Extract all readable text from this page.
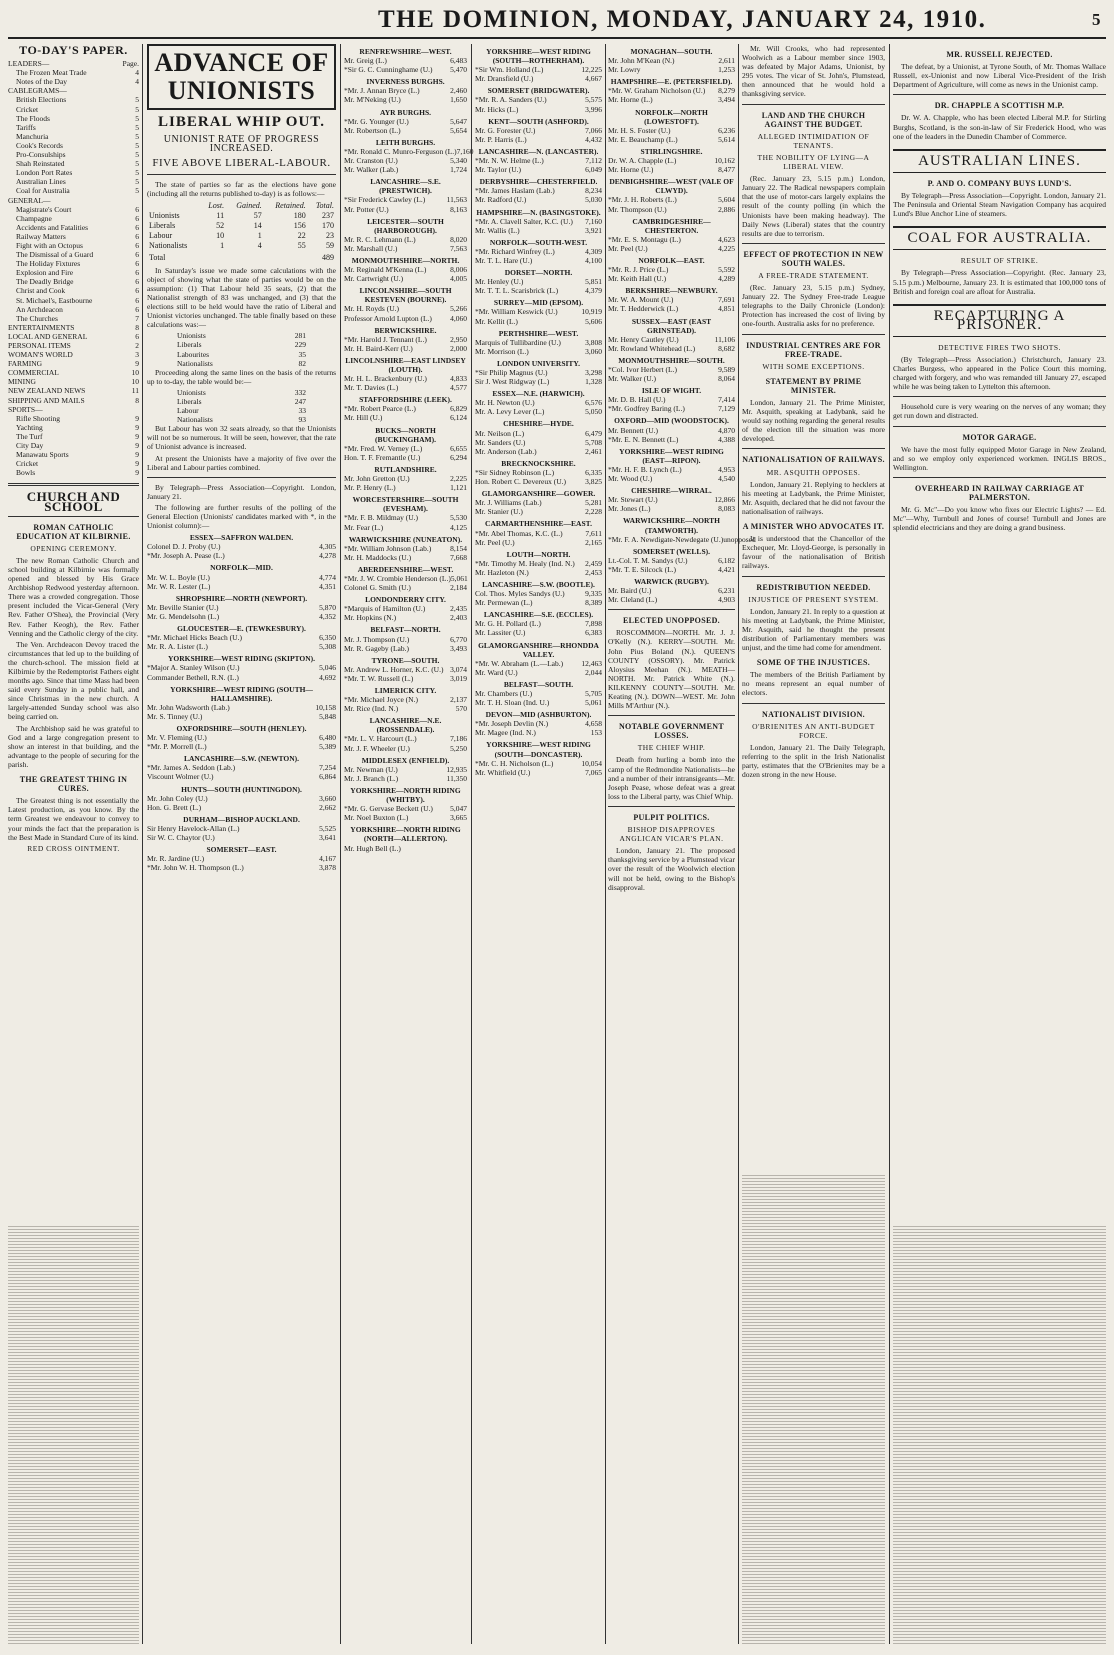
THE DOMINION, MONDAY, JANUARY 24, 1910.	5
TO-DAY'S PAPER.
LEADERS—	Page.
The Frozen Meat Trade	4
Notes of the Day	4
CABLEGRAMS—
British Elections	5
Cricket	5
The Floods	5
Tariffs	5
Manchuria	5
Cook's Records	5
Pro-Consulships	5
Shah Reinstated	5
London Port Rates	5
Australian Lines	5
Coal for Australia	5
GENERAL—
Magistrate's Court	6
Champagne	6
Accidents and Fatalities	6
Railway Matters	6
Fight with an Octopus	6
The Dismissal of a Guard	6
The Holiday Fixtures	6
Explosion and Fire	6
The Deadly Bridge	6
Christ and Cook	6
St. Michael's, Eastbourne	6
An Archdeacon	6
The Churches	7
ENTERTAINMENTS	8
LOCAL AND GENERAL	6
PERSONAL ITEMS	2
WOMAN'S WORLD	3
FARMING	9
COMMERCIAL	10
MINING	10
NEW ZEALAND NEWS	11
SHIPPING AND MAILS	8
SPORTS—
Rifle Shooting	9
Yachting	9
The Turf	9
City Day	9
Manawatu Sports	9
Cricket	9
Bowls	9
CHURCH AND SCHOOL
ROMAN CATHOLIC EDUCATION AT KILBIRNIE.
OPENING CEREMONY.

The new Roman Catholic Church and school building at Kilbirnie was formally opened and blessed by His Grace Archbishop Redwood yesterday afternoon. There was a crowded congregation. Those present included the Vicar-General (Very Rev. Father O'Shea), the Provincial (Very Rev. Father Keogh), the Rev. Father Venning and the Catholic clergy of the city.

The Ven. Archdeacon Devoy traced the circumstances that led up to the building of the church-school. The mission field at Kilbirnie by the Redemptorist Fathers eight months ago. Since that time Mass had been said every Sunday in a public hall, and since Christmas in the new church. A largely-attended Sunday school was also being carried on.

The Archbishop said he was grateful to God and a large congregation present to show an interest in that building, and the advantage to the people of securing for the parish.

THE GREATEST THING IN CURES.

The Greatest thing is not essentially the Latest production, as you know. By the term Greatest we endeavour to convey to your minds the fact that the preparation is the Best Made in Standard Cure of its kind.

RED CROSS OINTMENT.
ADVANCE OF UNIONISTS
LIBERAL WHIP OUT.
UNIONIST RATE OF PROGRESS INCREASED.
FIVE ABOVE LIBERAL-LABOUR.

The state of parties so far as the elections have gone (including all the returns published to-day) is as follows:—

	Lost.	Gained.	Retained.	Total.
Unionists	11	57	180	237
Liberals	52	14	156	170
Labour	10	1	22	23
Nationalists	1	4	55	59
Total	489

In Saturday's issue we made some calculations with the object of showing what the state of parties would be on the assumption: (1) That Labour held 35 seats, (2) that the Nationalist strength of 83 was unchanged, and (3) that the elections still to be held would have the ratio of Liberal and Unionist victories unchanged. The table finally based on these calculations was:—

Unionists	281
Liberals	229
Labourites	35
Nationalists	82

Proceeding along the same lines on the basis of the returns up to to-day, the table would be:—

Unionists	332
Liberals	247
Labour	33
Nationalists	93

But Labour has won 32 seats already, so that the Unionists will not be so numerous. It will be seen, however, that the rate of Unionist advance is increased.

At present the Unionists have a majority of five over the Liberal and Labour parties combined.

By Telegraph—Press Association—Copyright. London, January 21.

The following are further results of the polling of the General Election (Unionists' candidates marked with *, in the Unionist column):—

ESSEX—SAFFRON WALDEN.
Colonel D. J. Proby (U.)	4,305
*Mr. Joseph A. Pease (L.)	4,278
NORFOLK—MID.
Mr. W. L. Boyle (U.)	4,774
Mr. W. R. Lester (L.)	4,351
SHROPSHIRE—NORTH (NEWPORT).
Mr. Beville Stanier (U.)	5,870
Mr. G. Mendelsohn (L.)	4,352
GLOUCESTER—E. (TEWKESBURY).
*Mr. Michael Hicks Beach (U.)	6,350
Mr. R. A. Lister (L.)	5,308
YORKSHIRE—WEST RIDING (SKIPTON).
*Major A. Stanley Wilson (U.)	5,046
Commander Bethell, R.N. (L.)	4,692
YORKSHIRE—WEST RIDING (SOUTH—HALLAMSHIRE).
Mr. John Wadsworth (Lab.)	10,158
Mr. S. Tinney (U.)	5,848
OXFORDSHIRE—SOUTH (HENLEY).
Mr. V. Fleming (U.)	6,480
*Mr. P. Morrell (L.)	5,389
LANCASHIRE—S.W. (NEWTON).
*Mr. James A. Seddon (Lab.)	7,254
Viscount Wolmer (U.)	6,864
HUNTS—SOUTH (HUNTINGDON).
Mr. John Coley (U.)	3,660
Hon. G. Brett (L.)	2,662
DURHAM—BISHOP AUCKLAND.
Sir Henry Havelock-Allan (L.)	5,525
Sir W. C. Chaytor (U.)	3,641
SOMERSET—EAST.
Mr. R. Jardine (U.)	4,167
*Mr. John W. H. Thompson (L.)	3,878
RENFREWSHIRE—WEST.
Mr. Greig (L.)	6,483
*Sir G. C. Cunninghame (U.) 5,470
INVERNESS BURGHS.
*Mr. J. Annan Bryce (L.)	2,460
Mr. M'Neking (U.)	1,650
AYR BURGHS.
*Mr. G. Younger (U.)	5,647
Mr. Robertson (L.)	5,654
LEITH BURGHS.
*Mr. Ronald C. Munro-Ferguson (L.) 7,160
Mr. Cranston (U.)	5,340
Mr. Walker (Lab.)	1,724
LANCASHIRE—S.E. (PRESTWICH).
*Sir Frederick Cawley (L.)	11,563
Mr. Potter (U.)	8,163
LEICESTER—SOUTH (HARBOROUGH).
Mr. R. C. Lehmann (L.)	8,020
Mr. Marshall (U.)	7,563
MONMOUTHSHIRE—NORTH.
Mr. Reginald M'Kenna (L.)	8,006
Mr. Cartwright (U.)	4,005
LINCOLNSHIRE—SOUTH KESTEVEN (BOURNE).
Mr. H. Royds (U.)	5,266
Professor Arnold Lupton (L.) 4,060
BERWICKSHIRE.
*Mr. Harold J. Tennant (L.)	2,950
Mr. H. Baird-Kerr (U.)	2,000
LINCOLNSHIRE—EAST LINDSEY (LOUTH).
Mr. H. L. Brackenbury (U.)	4,833
Mr. T. Davies (L.)	4,577
STAFFORDSHIRE (LEEK).
*Mr. Robert Pearce (L.)	6,829
Mr. Hill (U.)	6,124
BUCKS—NORTH (BUCKINGHAM).
*Mr. Fred. W. Verney (L.)	6,655
Hon. T. F. Fremantle (U.)	6,294
RUTLANDSHIRE.
Mr. John Gretton (U.)	2,225
Mr. P. Henry (L.)	1,121
WORCESTERSHIRE—SOUTH (EVESHAM).
*Mr. F. B. Mildmay (U.)	5,530
Mr. Fear (L.)	4,125
WARWICKSHIRE (NUNEATON).
*Mr. William Johnson (Lab.)	8,154
Mr. H. Maddocks (U.)	7,668
ABERDEENSHIRE—WEST.
*Mr. J. W. Crombie Henderson (L.) 5,061
Colonel G. Smith (U.)	2,184
LONDONDERRY CITY.
*Marquis of Hamilton (U.)	2,435
Mr. Hopkins (N.)	2,403
BELFAST—NORTH.
Mr. J. Thompson (U.)	6,770
Mr. R. Gageby (Lab.)	3,493
TYRONE—SOUTH.
Mr. Andrew L. Horner, K.C. (U.) 3,074
*Mr. T. W. Russell (L.)	3,019
LIMERICK CITY.
*Mr. Michael Joyce (N.)	2,137
Mr. Rice (Ind. N.)	570
LANCASHIRE—N.E. (ROSSENDALE).
*Mr. L. V. Harcourt (L.)	7,186
Mr. J. F. Wheeler (U.)	5,250
MIDDLESEX (ENFIELD).
Mr. Newman (U.)	12,935
Mr. J. Branch (L.)	11,350
YORKSHIRE—NORTH RIDING (WHITBY).
*Mr. G. Gervase Beckett (U.) 5,047
Mr. Noel Buxton (L.)	3,665
YORKSHIRE—NORTH RIDING (NORTH—ALLERTON).
Mr. Hugh Bell (L.)
YORKSHIRE—WEST RIDING (SOUTH—ROTHERHAM).
*Sir Wm. Holland (L.)	12,225
Mr. Dransfield (U.)	4,667
SOMERSET (BRIDGWATER).
*Mr. R. A. Sanders (U.)	5,575
Mr. Hicks (L.)	3,996
KENT—SOUTH (ASHFORD).
Mr. G. Forester (U.)	7,066
Mr. P. Harris (L.)	4,432
LANCASHIRE—N. (LANCASTER).
*Mr. N. W. Helme (L.)	7,112
Mr. Taylor (U.)	6,049
DERBYSHIRE—CHESTERFIELD.
*Mr. James Haslam (Lab.)	8,234
Mr. Radford (U.)	5,030
HAMPSHIRE—N. (BASINGSTOKE).
*Mr. A. Clavell Salter, K.C. (U.) 7,160
Mr. Wallis (L.)	3,921
NORFOLK—SOUTH-WEST.
*Mr. Richard Winfrey (L.)	4,309
Mr. T. L. Hare (U.)	4,100
DORSET—NORTH.
Mr. Henley (U.)	5,851
Mr. T. T. L. Scarisbrick (L.)	4,379
SURREY—MID (EPSOM).
*Mr. William Keswick (U.)	10,919
Mr. Kellit (L.)	5,606
PERTHSHIRE—WEST.
Marquis of Tullibardine (U.)	3,808
Mr. Morrison (L.)	3,060
LONDON UNIVERSITY.
*Sir Philip Magnus (U.)	3,298
Sir J. West Ridgway (L.)	1,328
ESSEX—N.E. (HARWICH).
Mr. H. Newton (U.)	6,576
Mr. A. Levy Lever (L.)	5,050
CHESHIRE—HYDE.
Mr. Neilson (L.)	6,479
Mr. Sanders (U.)	5,708
Mr. Anderson (Lab.)	2,461
BRECKNOCKSHIRE.
*Sir Sidney Robinson (L.)	6,335
Hon. Robert C. Devereux (U.)	3,825
GLAMORGANSHIRE—GOWER.
Mr. J. Williams (Lab.)	5,281
Mr. Stanier (U.)	2,228
CARMARTHENSHIRE—EAST.
*Mr. Abel Thomas, K.C. (L.)	7,611
Mr. Peel (U.)	2,165
LOUTH—NORTH.
*Mr. Timothy M. Healy (Ind. N.) 2,459
Mr. Hazleton (N.)	2,453
LANCASHIRE—S.W. (BOOTLE).
Col. Thos. Myles Sandys (U.)	9,335
Mr. Permewan (L.)	8,389
LANCASHIRE—S.E. (ECCLES).
Mr. G. H. Pollard (L.)	7,898
Mr. Lassiter (U.)	6,383
GLAMORGANSHIRE—RHONDDA VALLEY.
*Mr. W. Abraham (L.—Lab.) 12,463
Mr. Ward (U.)	2,044
BELFAST—SOUTH.
Mr. Chambers (U.)	5,705
Mr. T. H. Sloan (Ind. U.)	5,061
DEVON—MID (ASHBURTON).
*Mr. Joseph Devlin (N.)	4,658
Mr. Magee (Ind. N.)	153
YORKSHIRE—WEST RIDING (SOUTH—DONCASTER).
*Mr. C. H. Nicholson (L.)	10,054
Mr. Whitfield (U.)	7,065
MONAGHAN—SOUTH.
Mr. John M'Kean (N.)	2,611
Mr. Lowry	1,253
HAMPSHIRE—E. (PETERSFIELD).
*Mr. W. Graham Nicholson (U.) 8,279
Mr. Horne (L.)	3,494
NORFOLK—NORTH (LOWESTOFT).
Mr. H. S. Foster (U.)	6,236
Mr. E. Beauchamp (L.)	5,614
STIRLINGSHIRE.
Dr. W. A. Chapple (L.)	10,162
Mr. Horne (U.)	8,477
DENBIGHSHIRE—WEST (VALE OF CLWYD).
*Mr. J. H. Roberts (L.)	5,604
Mr. Thompson (U.)	2,886
CAMBRIDGESHIRE—CHESTERTON.
*Mr. E. S. Montagu (L.)	4,623
Mr. Peel (U.)	4,225
NORFOLK—EAST.
*Mr. R. J. Price (L.)	5,592
Mr. Keith Hall (U.)	4,289
BERKSHIRE—NEWBURY.
Mr. W. A. Mount (U.)	7,691
Mr. T. Hedderwick (L.)	4,851
SUSSEX—EAST (EAST GRINSTEAD).
Mr. Henry Cautley (U.)	11,106
Mr. Rowland Whitehead (L.)	8,682
MONMOUTHSHIRE—SOUTH.
*Col. Ivor Herbert (L.)	9,589
Mr. Walker (U.)	8,064
ISLE OF WIGHT.
Mr. D. B. Hall (U.)	7,414
*Mr. Godfrey Baring (L.)	7,129
OXFORD—MID (WOODSTOCK).
Mr. Bennett (U.)	4,870
*Mr. E. N. Bennett (L.)	4,388
YORKSHIRE—WEST RIDING (EAST—RIPON).
*Mr. H. F. B. Lynch (L.)	4,953
Mr. Wood (U.)	4,540
CHESHIRE—WIRRAL.
Mr. Stewart (U.)	12,866
Mr. Jones (L.)	8,083
WARWICKSHIRE—NORTH (TAMWORTH).
*Mr. F. A. Newdigate-Newdegate (U.) unopposed
SOMERSET (WELLS).
Lt.-Col. T. M. Sandys (U.)	6,182
*Mr. T. E. Silcock (L.)	4,421
WARWICK (RUGBY).
Mr. Baird (U.)	6,231
Mr. Cleland (L.)	4,903
ELECTED UNOPPOSED.

ROSCOMMON—NORTH. Mr. J. J. O'Kelly (N.). KERRY—SOUTH. Mr. John Pius Boland (N.). QUEEN'S COUNTY (OSSORY). Mr. Patrick Aloysius Meehan (N.). MEATH—NORTH. Mr. Patrick White (N.). KILKENNY COUNTY—SOUTH. Mr. Keating (N.). DOWN—WEST. Mr. John Mills M'Arthur (N.).

NOTABLE GOVERNMENT LOSSES.
THE CHIEF WHIP.

Death from hurling a bomb into the camp of the Redmondite Nationalists—he and a number of their intransigeants—Mr. Joseph Pease, whose defeat was a great loss to the Liberal party, was Chief Whip.

PULPIT POLITICS.
BISHOP DISAPPROVES ANGLICAN VICAR'S PLAN.

London, January 21. The proposed thanksgiving service by a Plumstead vicar over the result of the Woolwich election will not be held, owing to the Bishop's disapproval.

Mr. Will Crooks, who had represented Woolwich as a Labour member since 1903, was defeated by Major Adams, Unionist, by 295 votes. The vicar of St. John's, Plumstead, then announced that he would hold a thanksgiving service.

LAND AND THE CHURCH AGAINST THE BUDGET.
ALLEGED INTIMIDATION OF TENANTS.
THE NOBILITY OF LYING—A LIBERAL VIEW.

(Rec. January 23, 5.15 p.m.) London, January 22. The Radical newspapers complain that the use of motor-cars largely explains the result of the county polling (in which the Unionists have been making headway). The Daily News (Liberal) states that the country results are due to terrorism.

EFFECT OF PROTECTION IN NEW SOUTH WALES.
A FREE-TRADE STATEMENT.

(Rec. January 23, 5.15 p.m.) Sydney, January 22. The Sydney Free-trade League telegraphs to the Daily Chronicle (London): Protection has increased the cost of living by one-fourth. Australia asks for no preference.

INDUSTRIAL CENTRES ARE FOR FREE-TRADE.
WITH SOME EXCEPTIONS.
STATEMENT BY PRIME MINISTER.

London, January 21. The Prime Minister, Mr. Asquith, speaking at Ladybank, said he would say nothing regarding the general results of the election till the situation was more developed.

NATIONALISATION OF RAILWAYS.
MR. ASQUITH OPPOSES.

London, January 21. Replying to hecklers at his meeting at Ladybank, the Prime Minister, Mr. Asquith, declared that he did not favour the nationalisation of railways.

A MINISTER WHO ADVOCATES IT.

It is understood that the Chancellor of the Exchequer, Mr. Lloyd-George, is personally in favour of the nationalisation of British railways.

REDISTRIBUTION NEEDED.
INJUSTICE OF PRESENT SYSTEM.

London, January 21. In reply to a question at his meeting at Ladybank, the Prime Minister, Mr. Asquith, said he thought the present distribution of Parliamentary members was unjust, and the time had come for amendment.

SOME OF THE INJUSTICES.

The members of the British Parliament by no means represent an equal number of electors.

NATIONALIST DIVISION.
O'BRIENITES AN ANTI-BUDGET FORCE.

London, January 21. The Daily Telegraph, referring to the split in the Irish Nationalist party, estimates that the O'Brienites may be a dozen strong in the new House.

MR. RUSSELL REJECTED.

The defeat, by a Unionist, at Tyrone South, of Mr. Thomas Wallace Russell, ex-Unionist and now Liberal Vice-President of the Irish Department of Agriculture, will come as news in the Unionist camp.

DR. CHAPPLE A SCOTTISH M.P.

Dr. W. A. Chapple, who has been elected Liberal M.P. for Stirling Burghs, Scotland, is the son-in-law of Sir Frederick Hood, who was one of the leaders in the Dunedin Chamber of Commerce.

AUSTRALIAN LINES.
P. AND O. COMPANY BUYS LUND'S.

By Telegraph—Press Association—Copyright. London, January 21. The Peninsula and Oriental Steam Navigation Company has acquired Lund's Blue Anchor Line of steamers.

COAL FOR AUSTRALIA.
RESULT OF STRIKE.

By Telegraph—Press Association—Copyright. (Rec. January 23, 5.15 p.m.) Melbourne, January 23. It is estimated that 100,000 tons of British and foreign coal are afloat for Australia.

RECAPTURING A PRISONER.
DETECTIVE FIRES TWO SHOTS.

(By Telegraph—Press Association.) Christchurch, January 23. Charles Burgess, who appeared in the Police Court this morning, charged with forgery, and who was remanded till January 27, escaped while he was being taken to Lyttelton this afternoon.

Household cure is very wearing on the nerves of any woman; they get run down and distracted.

MOTOR GARAGE.

We have the most fully equipped Motor Garage in New Zealand, and so we employ only experienced workmen. INGLIS BROS., Wellington.

OVERHEARD IN RAILWAY CARRIAGE AT PALMERSTON.

Mr. G. Mc"—Do you know who fixes our Electric Lights? — Ed. Mc"—Why, Turnbull and Jones of course! Turnbull and Jones are splendid electricians and they are doing a grand business.
